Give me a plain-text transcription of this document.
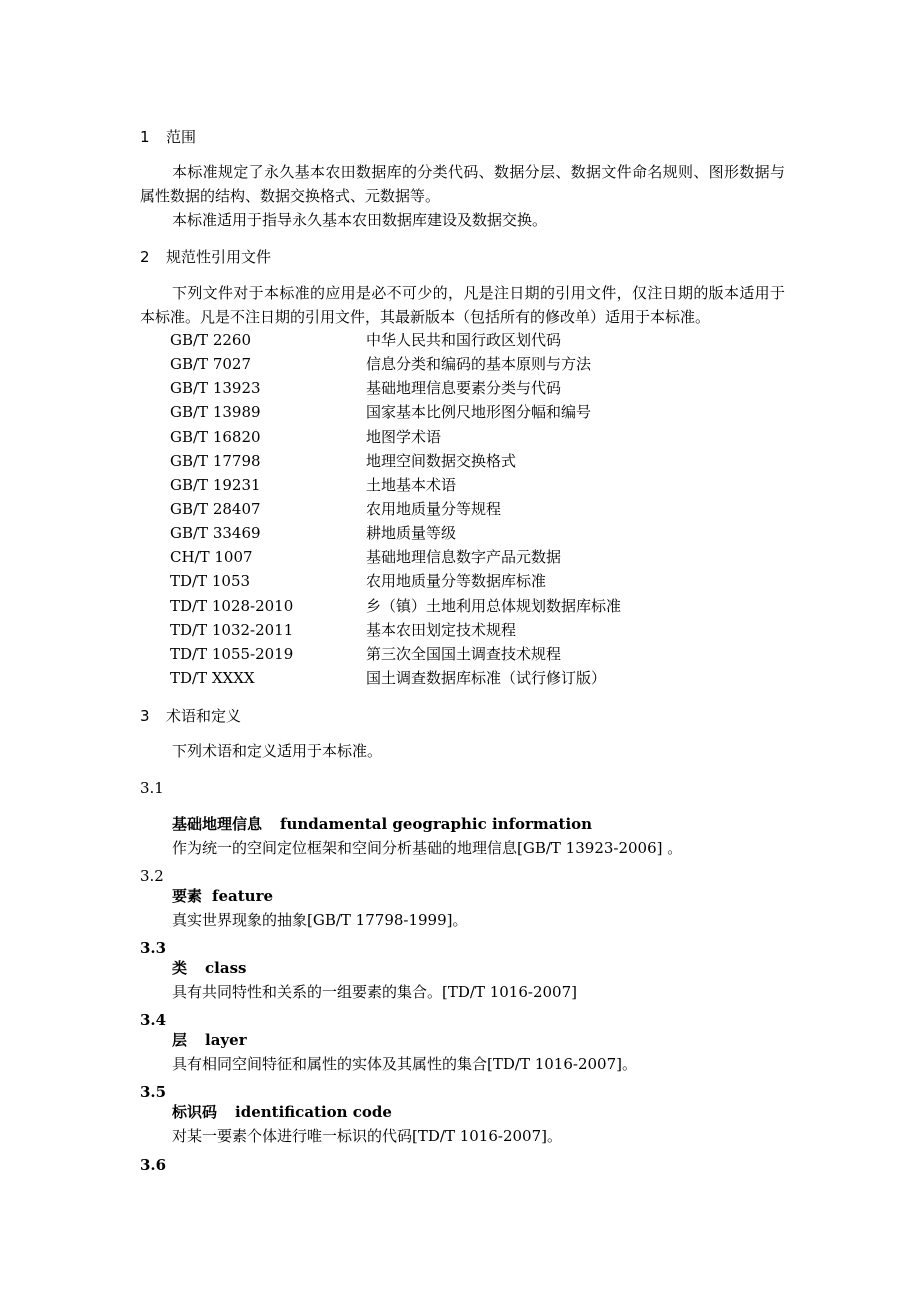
1 范围
本标准规定了永久基本农田数据库的分类代码、数据分层、数据文件命名规则、图形数据与属性数据的结构、数据交换格式、元数据等。
本标准适用于指导永久基本农田数据库建设及数据交换。
2 规范性引用文件
下列文件对于本标准的应用是必不可少的，凡是注日期的引用文件，仅注日期的版本适用于本标准。凡是不注日期的引用文件，其最新版本（包括所有的修改单）适用于本标准。
GB/T 2260	中华人民共和国行政区划代码
GB/T 7027	信息分类和编码的基本原则与方法
GB/T 13923	基础地理信息要素分类与代码
GB/T 13989	国家基本比例尺地形图分幅和编号
GB/T 16820	地图学术语
GB/T 17798	地理空间数据交换格式
GB/T 19231	土地基本术语
GB/T 28407	农用地质量分等规程
GB/T 33469	耕地质量等级
CH/T 1007	基础地理信息数字产品元数据
TD/T 1053	农用地质量分等数据库标准
TD/T 1028-2010	乡（镇）土地利用总体规划数据库标准
TD/T 1032-2011	基本农田划定技术规程
TD/T 1055-2019	第三次全国国土调查技术规程
TD/T XXXX	国土调查数据库标准（试行修订版）
3 术语和定义
下列术语和定义适用于本标准。
3.1
基础地理信息 fundamental geographic information
作为统一的空间定位框架和空间分析基础的地理信息[GB/T 13923-2006] 。
3.2
要素 feature
真实世界现象的抽象[GB/T 17798-1999]。
3.3
类 class
具有共同特性和关系的一组要素的集合。[TD/T 1016-2007]
3.4
层 layer
具有相同空间特征和属性的实体及其属性的集合[TD/T 1016-2007]。
3.5
标识码 identification code
对某一要素个体进行唯一标识的代码[TD/T 1016-2007]。
3.6
